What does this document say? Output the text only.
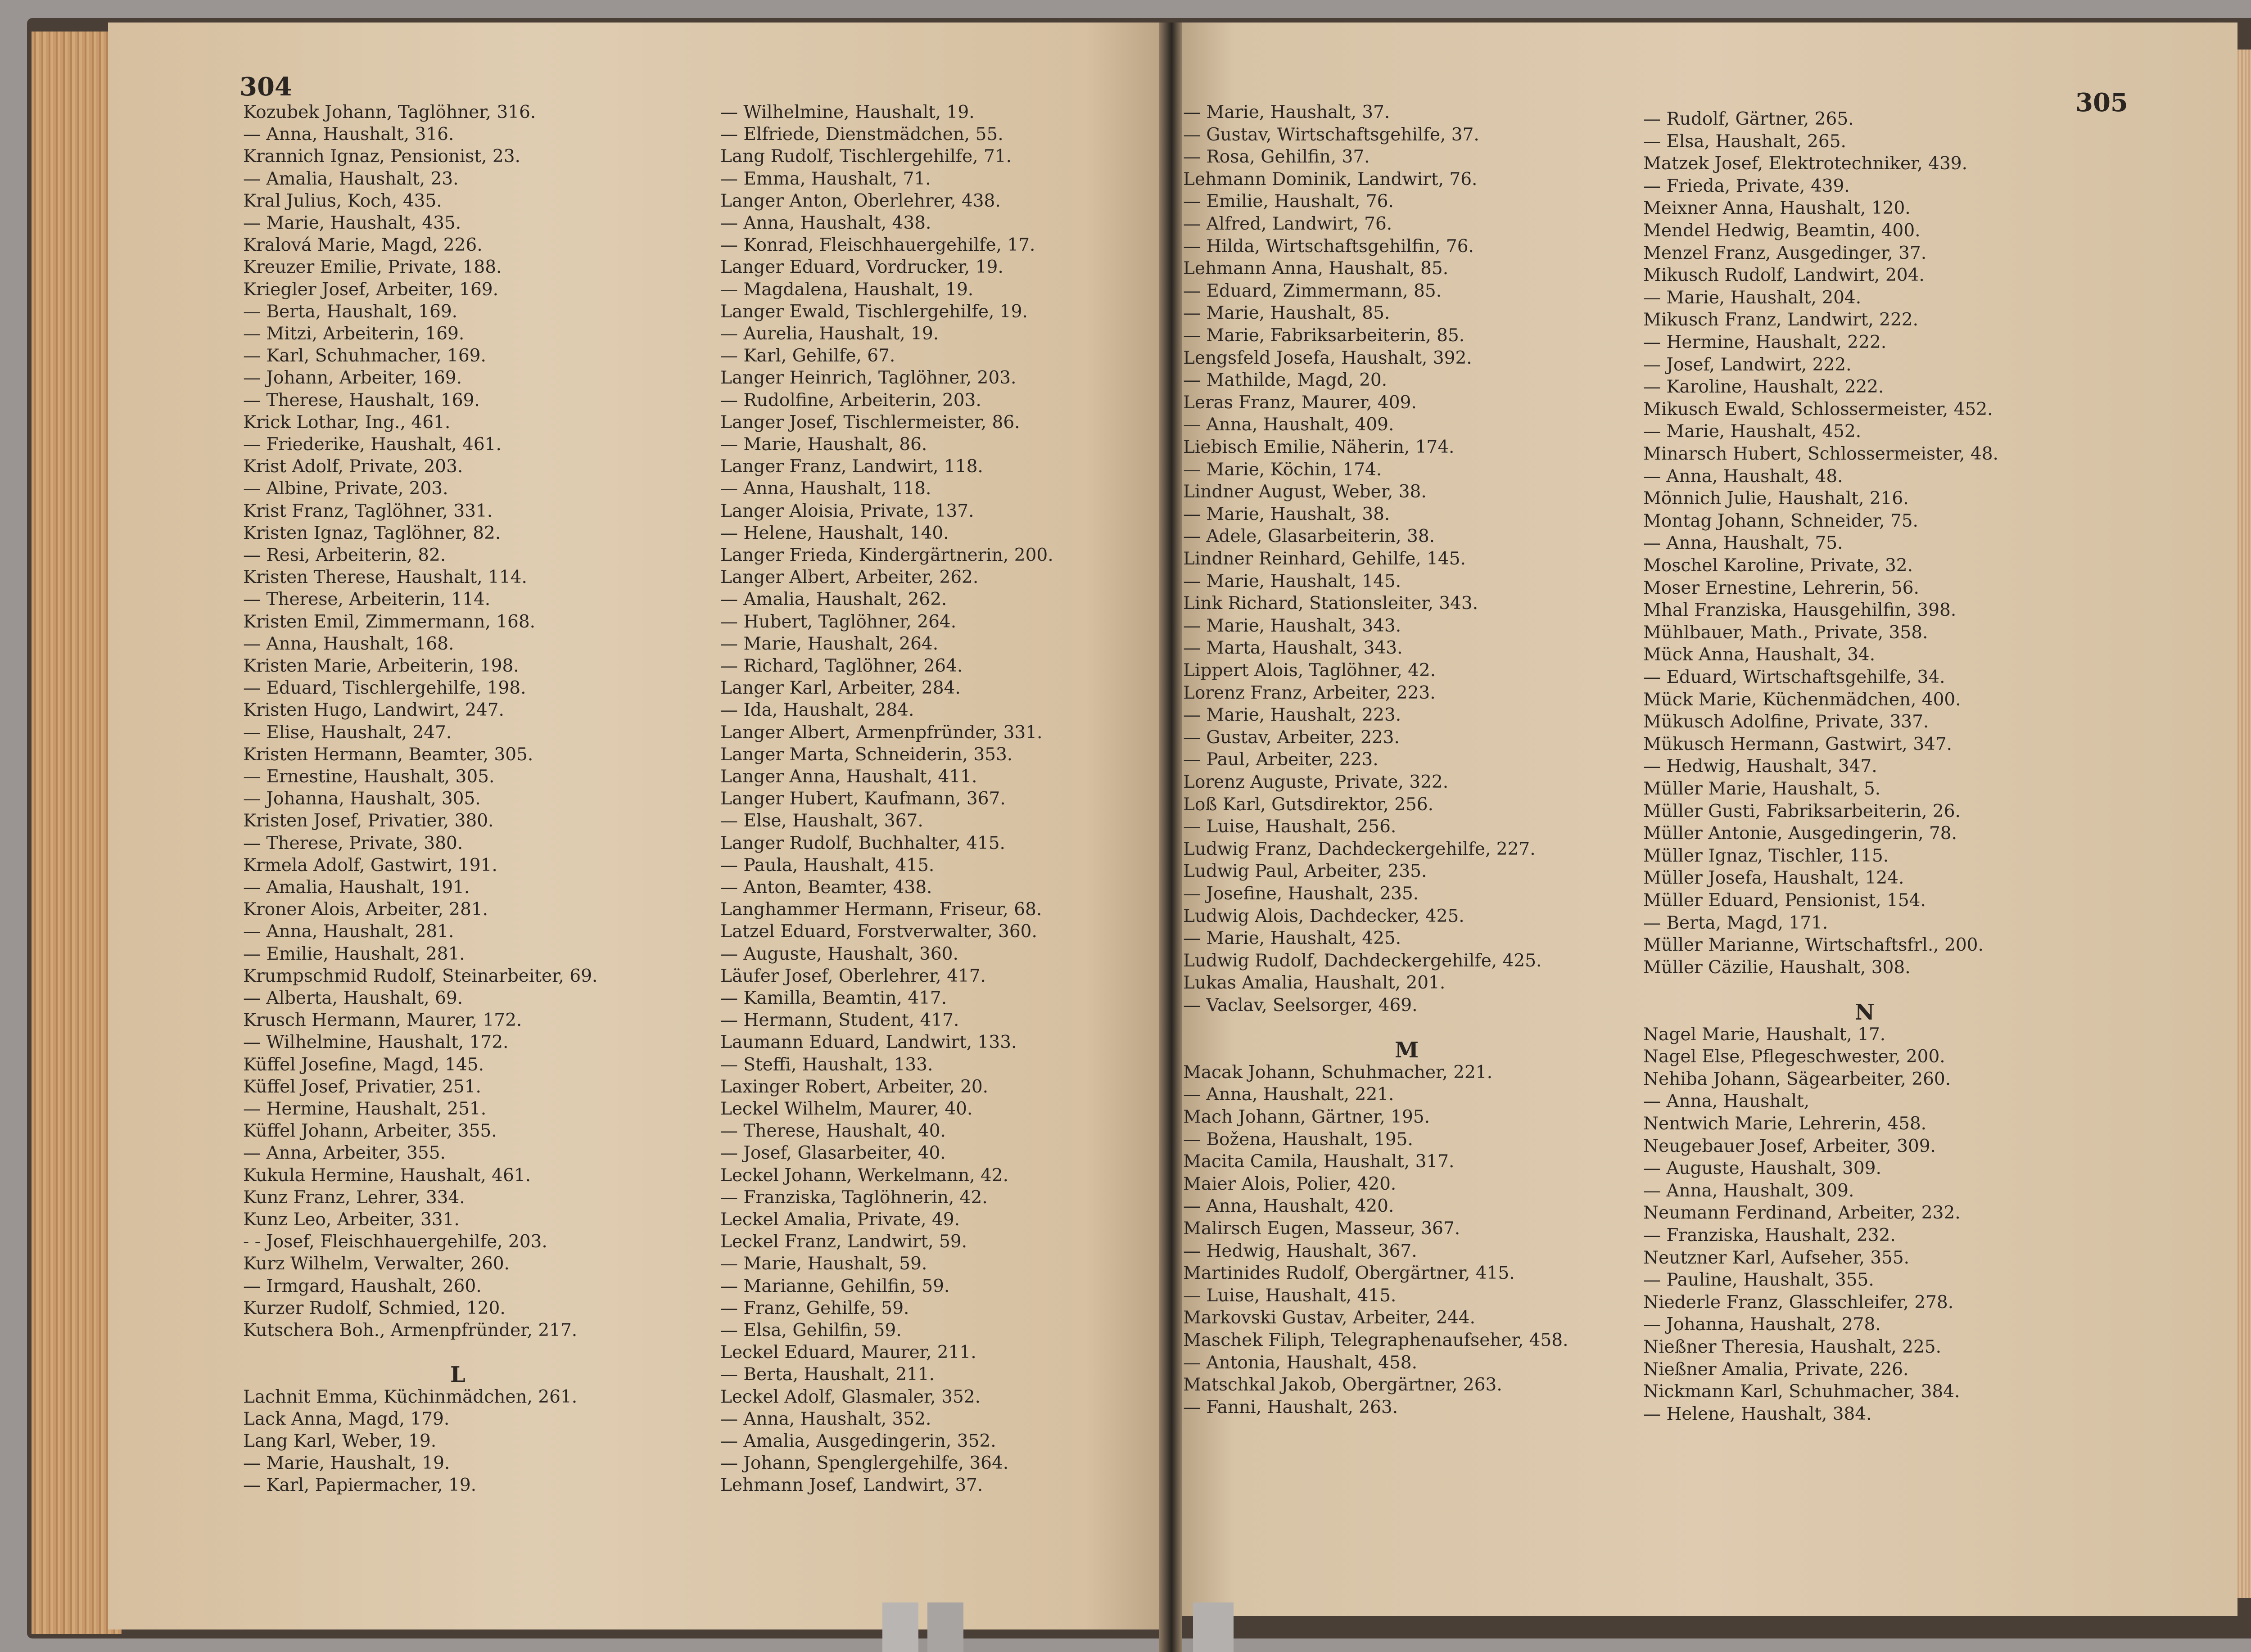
304
Kozubek Johann, Taglöhner, 316.
— Anna, Haushalt, 316.
Krannich Ignaz, Pensionist, 23.
— Amalia, Haushalt, 23.
Kral Julius, Koch, 435.
— Marie, Haushalt, 435.
Kralová Marie, Magd, 226.
Kreuzer Emilie, Private, 188.
Kriegler Josef, Arbeiter, 169.
— Berta, Haushalt, 169.
— Mitzi, Arbeiterin, 169.
— Karl, Schuhmacher, 169.
— Johann, Arbeiter, 169.
— Therese, Haushalt, 169.
Krick Lothar, Ing., 461.
— Friederike, Haushalt, 461.
Krist Adolf, Private, 203.
— Albine, Private, 203.
Krist Franz, Taglöhner, 331.
Kristen Ignaz, Taglöhner, 82.
— Resi, Arbeiterin, 82.
Kristen Therese, Haushalt, 114.
— Therese, Arbeiterin, 114.
Kristen Emil, Zimmermann, 168.
— Anna, Haushalt, 168.
Kristen Marie, Arbeiterin, 198.
— Eduard, Tischlergehilfe, 198.
Kristen Hugo, Landwirt, 247.
— Elise, Haushalt, 247.
Kristen Hermann, Beamter, 305.
— Ernestine, Haushalt, 305.
— Johanna, Haushalt, 305.
Kristen Josef, Privatier, 380.
— Therese, Private, 380.
Krmela Adolf, Gastwirt, 191.
— Amalia, Haushalt, 191.
Kroner Alois, Arbeiter, 281.
— Anna, Haushalt, 281.
— Emilie, Haushalt, 281.
Krumpschmid Rudolf, Steinarbeiter, 69.
— Alberta, Haushalt, 69.
Krusch Hermann, Maurer, 172.
— Wilhelmine, Haushalt, 172.
Küffel Josefine, Magd, 145.
Küffel Josef, Privatier, 251.
— Hermine, Haushalt, 251.
Küffel Johann, Arbeiter, 355.
— Anna, Arbeiter, 355.
Kukula Hermine, Haushalt, 461.
Kunz Franz, Lehrer, 334.
Kunz Leo, Arbeiter, 331.
- - Josef, Fleischhauergehilfe, 203.
Kurz Wilhelm, Verwalter, 260.
— Irmgard, Haushalt, 260.
Kurzer Rudolf, Schmied, 120.
Kutschera Boh., Armenpfründer, 217.
L
Lachnit Emma, Küchinmädchen, 261.
Lack Anna, Magd, 179.
Lang Karl, Weber, 19.
— Marie, Haushalt, 19.
— Karl, Papiermacher, 19.
— Wilhelmine, Haushalt, 19.
— Elfriede, Dienstmädchen, 55.
Lang Rudolf, Tischlergehilfe, 71.
— Emma, Haushalt, 71.
Langer Anton, Oberlehrer, 438.
— Anna, Haushalt, 438.
— Konrad, Fleischhauergehilfe, 17.
Langer Eduard, Vordrucker, 19.
— Magdalena, Haushalt, 19.
Langer Ewald, Tischlergehilfe, 19.
— Aurelia, Haushalt, 19.
— Karl, Gehilfe, 67.
Langer Heinrich, Taglöhner, 203.
— Rudolfine, Arbeiterin, 203.
Langer Josef, Tischlermeister, 86.
— Marie, Haushalt, 86.
Langer Franz, Landwirt, 118.
— Anna, Haushalt, 118.
Langer Aloisia, Private, 137.
— Helene, Haushalt, 140.
Langer Frieda, Kindergärtnerin, 200.
Langer Albert, Arbeiter, 262.
— Amalia, Haushalt, 262.
— Hubert, Taglöhner, 264.
— Marie, Haushalt, 264.
— Richard, Taglöhner, 264.
Langer Karl, Arbeiter, 284.
— Ida, Haushalt, 284.
Langer Albert, Armenpfründer, 331.
Langer Marta, Schneiderin, 353.
Langer Anna, Haushalt, 411.
Langer Hubert, Kaufmann, 367.
— Else, Haushalt, 367.
Langer Rudolf, Buchhalter, 415.
— Paula, Haushalt, 415.
— Anton, Beamter, 438.
Langhammer Hermann, Friseur, 68.
Latzel Eduard, Forstverwalter, 360.
— Auguste, Haushalt, 360.
Läufer Josef, Oberlehrer, 417.
— Kamilla, Beamtin, 417.
— Hermann, Student, 417.
Laumann Eduard, Landwirt, 133.
— Steffi, Haushalt, 133.
Laxinger Robert, Arbeiter, 20.
Leckel Wilhelm, Maurer, 40.
— Therese, Haushalt, 40.
— Josef, Glasarbeiter, 40.
Leckel Johann, Werkelmann, 42.
— Franziska, Taglöhnerin, 42.
Leckel Amalia, Private, 49.
Leckel Franz, Landwirt, 59.
— Marie, Haushalt, 59.
— Marianne, Gehilfin, 59.
— Franz, Gehilfe, 59.
— Elsa, Gehilfin, 59.
Leckel Eduard, Maurer, 211.
— Berta, Haushalt, 211.
Leckel Adolf, Glasmaler, 352.
— Anna, Haushalt, 352.
— Amalia, Ausgedingerin, 352.
— Johann, Spenglergehilfe, 364.
Lehmann Josef, Landwirt, 37.
305
— Marie, Haushalt, 37.
— Gustav, Wirtschaftsgehilfe, 37.
— Rosa, Gehilfin, 37.
Lehmann Dominik, Landwirt, 76.
— Emilie, Haushalt, 76.
— Alfred, Landwirt, 76.
— Hilda, Wirtschaftsgehilfin, 76.
Lehmann Anna, Haushalt, 85.
— Eduard, Zimmermann, 85.
— Marie, Haushalt, 85.
— Marie, Fabriksarbeiterin, 85.
Lengsfeld Josefa, Haushalt, 392.
— Mathilde, Magd, 20.
Leras Franz, Maurer, 409.
— Anna, Haushalt, 409.
Liebisch Emilie, Näherin, 174.
— Marie, Köchin, 174.
Lindner August, Weber, 38.
— Marie, Haushalt, 38.
— Adele, Glasarbeiterin, 38.
Lindner Reinhard, Gehilfe, 145.
— Marie, Haushalt, 145.
Link Richard, Stationsleiter, 343.
— Marie, Haushalt, 343.
— Marta, Haushalt, 343.
Lippert Alois, Taglöhner, 42.
Lorenz Franz, Arbeiter, 223.
— Marie, Haushalt, 223.
— Gustav, Arbeiter, 223.
— Paul, Arbeiter, 223.
Lorenz Auguste, Private, 322.
Loß Karl, Gutsdirektor, 256.
— Luise, Haushalt, 256.
Ludwig Franz, Dachdeckergehilfe, 227.
Ludwig Paul, Arbeiter, 235.
— Josefine, Haushalt, 235.
Ludwig Alois, Dachdecker, 425.
— Marie, Haushalt, 425.
Ludwig Rudolf, Dachdeckergehilfe, 425.
Lukas Amalia, Haushalt, 201.
— Vaclav, Seelsorger, 469.
M
Macak Johann, Schuhmacher, 221.
— Anna, Haushalt, 221.
Mach Johann, Gärtner, 195.
— Božena, Haushalt, 195.
Macita Camila, Haushalt, 317.
Maier Alois, Polier, 420.
— Anna, Haushalt, 420.
Malirsch Eugen, Masseur, 367.
— Hedwig, Haushalt, 367.
Martinides Rudolf, Obergärtner, 415.
— Luise, Haushalt, 415.
Markovski Gustav, Arbeiter, 244.
Maschek Filiph, Telegraphenaufseher, 458.
— Antonia, Haushalt, 458.
Matschkal Jakob, Obergärtner, 263.
— Fanni, Haushalt, 263.
— Rudolf, Gärtner, 265.
— Elsa, Haushalt, 265.
Matzek Josef, Elektrotechniker, 439.
— Frieda, Private, 439.
Meixner Anna, Haushalt, 120.
Mendel Hedwig, Beamtin, 400.
Menzel Franz, Ausgedinger, 37.
Mikusch Rudolf, Landwirt, 204.
— Marie, Haushalt, 204.
Mikusch Franz, Landwirt, 222.
— Hermine, Haushalt, 222.
— Josef, Landwirt, 222.
— Karoline, Haushalt, 222.
Mikusch Ewald, Schlossermeister, 452.
— Marie, Haushalt, 452.
Minarsch Hubert, Schlossermeister, 48.
— Anna, Haushalt, 48.
Mönnich Julie, Haushalt, 216.
Montag Johann, Schneider, 75.
— Anna, Haushalt, 75.
Moschel Karoline, Private, 32.
Moser Ernestine, Lehrerin, 56.
Mhal Franziska, Hausgehilfin, 398.
Mühlbauer, Math., Private, 358.
Mück Anna, Haushalt, 34.
— Eduard, Wirtschaftsgehilfe, 34.
Mück Marie, Küchenmädchen, 400.
Mükusch Adolfine, Private, 337.
Mükusch Hermann, Gastwirt, 347.
— Hedwig, Haushalt, 347.
Müller Marie, Haushalt, 5.
Müller Gusti, Fabriksarbeiterin, 26.
Müller Antonie, Ausgedingerin, 78.
Müller Ignaz, Tischler, 115.
Müller Josefa, Haushalt, 124.
Müller Eduard, Pensionist, 154.
— Berta, Magd, 171.
Müller Marianne, Wirtschaftsfrl., 200.
Müller Cäzilie, Haushalt, 308.
N
Nagel Marie, Haushalt, 17.
Nagel Else, Pflegeschwester, 200.
Nehiba Johann, Sägearbeiter, 260.
— Anna, Haushalt,
Nentwich Marie, Lehrerin, 458.
Neugebauer Josef, Arbeiter, 309.
— Auguste, Haushalt, 309.
— Anna, Haushalt, 309.
Neumann Ferdinand, Arbeiter, 232.
— Franziska, Haushalt, 232.
Neutzner Karl, Aufseher, 355.
— Pauline, Haushalt, 355.
Niederle Franz, Glasschleifer, 278.
— Johanna, Haushalt, 278.
Nießner Theresia, Haushalt, 225.
Nießner Amalia, Private, 226.
Nickmann Karl, Schuhmacher, 384.
— Helene, Haushalt, 384.
